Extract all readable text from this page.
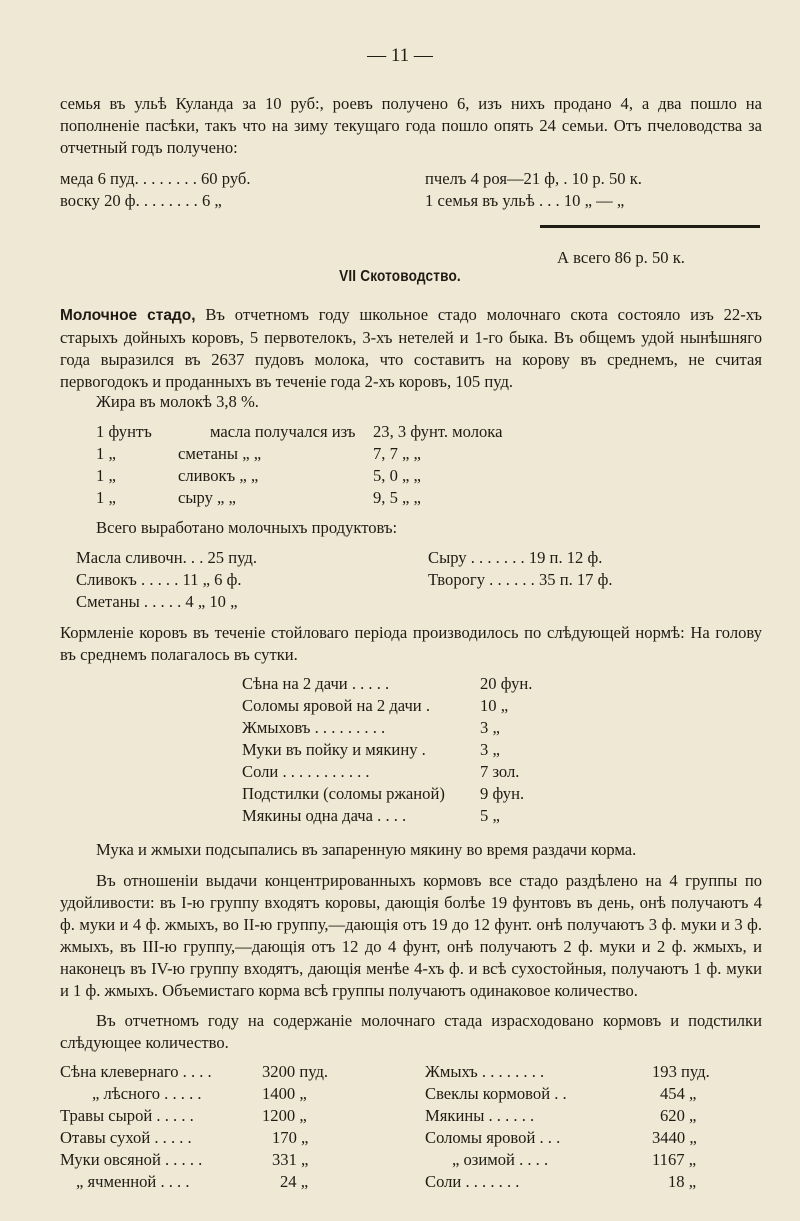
— 11 —
семья въ ульѣ Куланда за 10 руб:, роевъ получено 6, изъ нихъ продано 4, а два пошло на пополненіе пасѣки, такъ что на зиму текущаго года пошло опять 24 семьи. Отъ пчеловодства за отчетный годъ получено:
меда 6 пуд. . . . . . . . 60 руб.	пчелъ 4 роя—21 ф, . 10 р. 50 к.
воску 20 ф. . . . . . . . 6 „	1 семья въ ульѣ . . . 10 „ — „
А всего 86 р. 50 к.
VII Скотоводство.
Молочное стадо, Въ отчетномъ году школьное стадо молочнаго скота состояло изъ 22-хъ старыхъ дойныхъ коровъ, 5 первотелокъ, 3-хъ нетелей и 1-го быка. Въ общемъ удой нынѣшняго года выразился въ 2637 пудовъ молока, что составитъ на корову въ среднемъ, не считая первогодокъ и проданныхъ въ теченіе года 2-хъ коровъ, 105 пуд.
Жира въ молокѣ 3,8 %.
1 фунтъ	масла получался изъ 23, 3 фунт. молока
1 „	сметаны „ „	7, 7 „ „
1 „	сливокъ „ „	5, 0 „ „
1 „	сыру „ „	9, 5 „ „
Всего выработано молочныхъ продуктовъ:
Масла сливочн. . . 25 пуд.
Сливокъ . . . . . 11 „ 6 ф.
Сметаны . . . . . 4 „ 10 „
Сыру . . . . . . . 19 п. 12 ф.
Творогу . . . . . . 35 п. 17 ф.
Кормленіе коровъ въ теченіе стойловаго періода производилось по слѣдующей нормѣ: На голову въ среднемъ полагалось въ сутки.
Сѣна на 2 дачи . . . . .	20 фун.
Соломы яровой на 2 дачи .	10 „
Жмыховъ . . . . . . . . .	3 „
Муки въ пойку и мякину .	3 „
Соли . . . . . . . . . . .	7 зол.
Подстилки (соломы ржаной) 9 фун.
Мякины одна дача . . . .	5 „
Мука и жмыхи подсыпались въ запаренную мякину во время раздачи корма.
Въ отношеніи выдачи концентрированныхъ кормовъ все стадо раздѣлено на 4 группы по удойливости: въ I-ю группу входятъ коровы, дающія болѣе 19 фунтовъ въ день, онѣ получаютъ 4 ф. муки и 4 ф. жмыхъ, во II-ю группу,—дающія отъ 19 до 12 фунт. онѣ получаютъ 3 ф. муки и 3 ф. жмыхъ, въ III-ю группу,—дающія отъ 12 до 4 фунт, онѣ получаютъ 2 ф. муки и 2 ф. жмыхъ, и наконецъ въ IV-ю группу входятъ, дающія менѣе 4-хъ ф. и всѣ сухостойныя, получаютъ 1 ф. муки и 1 ф. жмыхъ. Объемистаго корма всѣ группы получаютъ одинаковое количество.
Въ отчетномъ году на содержаніе молочнаго стада израсходовано кормовъ и подстилки слѣдующее количество.
Сѣна клевернаго . . . .	3200 пуд.
„ лѣсного . . . . .	1400 „
Травы сырой . . . . .	1200 „
Отавы сухой . . . . .	170 „
Муки овсяной . . . . .	331 „
„ ячменной . . . .	24 „
Жмыхъ . . . . . . . .	193 пуд.
Свеклы кормовой . .	454 „
Мякины . . . . . .	620 „
Соломы яровой . . .	3440 „
„ озимой . . . .	1167 „
Соли . . . . . . .	18 „
